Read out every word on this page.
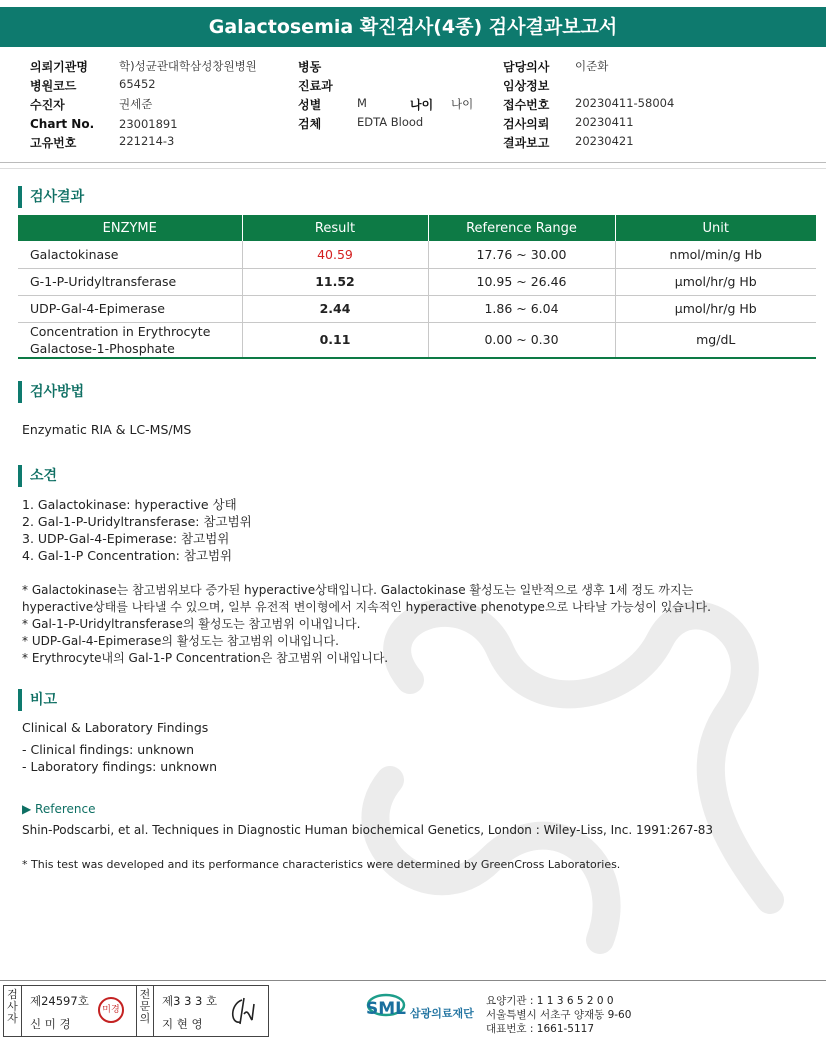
Galactosemia 확진검사(4종) 검사결과보고서
의뢰기관명	학)성균관대학삼성창원병원
병원코드	65452
수진자	권세준
Chart No. 23001891
고유번호	221214-3
병동
진료과
성별	M	나이 나이
검체	EDTA Blood
담당의사 이준화
임상정보
접수번호 20230411-58004
검사의뢰 20230411
결과보고 20230421
검사결과
ENZYME	Result	Reference Range	Unit
Galactokinase	40.59	17.76 ~ 30.00	nmol/min/g Hb
G-1-P-Uridyltransferase	11.52	10.95 ~ 26.46	µmol/hr/g Hb
UDP-Gal-4-Epimerase	2.44	1.86 ~ 6.04	µmol/hr/g Hb

Concentration in Erythrocyte
Galactose-1-Phosphate	0.11	0.00 ~ 0.30	mg/dL
검사방법
Enzymatic RIA & LC-MS/MS
소견
1. Galactokinase: hyperactive 상태
2. Gal-1-P-Uridyltransferase: 참고범위
3. UDP-Gal-4-Epimerase: 참고범위
4. Gal-1-P Concentration: 참고범위
* Galactokinase는 참고범위보다 증가된 hyperactive상태입니다. Galactokinase 활성도는 일반적으로 생후 1세 정도 까지는
hyperactive상태를 나타낼 수 있으며, 일부 유전적 변이형에서 지속적인 hyperactive phenotype으로 나타날 가능성이 있습니다.
* Gal-1-P-Uridyltransferase의 활성도는 참고범위 이내입니다.
* UDP-Gal-4-Epimerase의 활성도는 참고범위 이내입니다.
* Erythrocyte내의 Gal-1-P Concentration은 참고범위 이내입니다.
비고
Clinical & Laboratory Findings
- Clinical findings: unknown
- Laboratory findings: unknown
▶ Reference
Shin-Podscarbi, et al. Techniques in Diagnostic Human biochemical Genetics, London : Wiley-Liss, Inc. 1991:267-83
* This test was developed and its performance characteristics were determined by GreenCross Laboratories.
검사자
제24597호
신 미 경
미경
전문의
제3 3 3 호
지 현 영
SML 삼광의료재단
요양기관 : 1 1 3 6 5 2 0 0
서울특별시 서초구 양재동 9-60
대표번호 : 1661-5117
